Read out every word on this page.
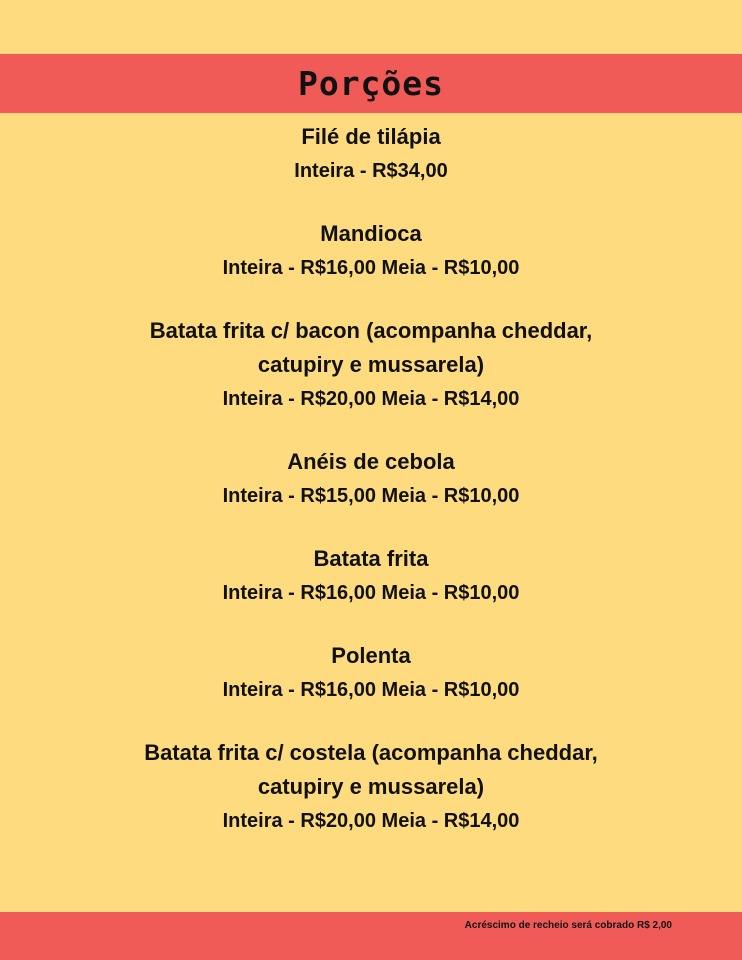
Porções
Filé de tilápia
Inteira - R$34,00
Mandioca
Inteira - R$16,00 Meia - R$10,00
Batata frita c/ bacon (acompanha cheddar, catupiry e mussarela)
Inteira - R$20,00 Meia - R$14,00
Anéis de cebola
Inteira - R$15,00 Meia - R$10,00
Batata frita
Inteira - R$16,00 Meia - R$10,00
Polenta
Inteira - R$16,00 Meia - R$10,00
Batata frita c/ costela (acompanha cheddar, catupiry e mussarela)
Inteira - R$20,00 Meia - R$14,00
Acréscimo de recheio será cobrado R$ 2,00
